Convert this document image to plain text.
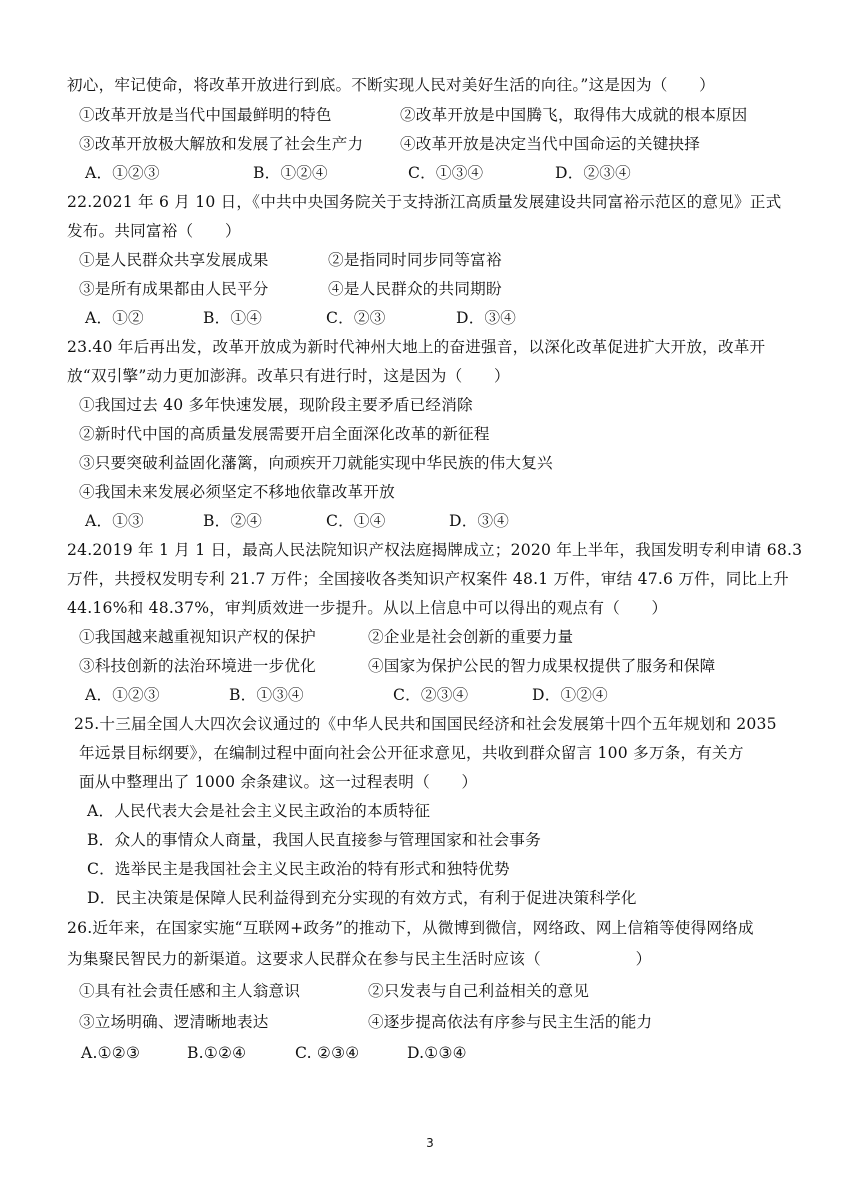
初心，牢记使命，将改革开放进行到底。不断实现人民对美好生活的向往。”这是因为（　　）
①改革开放是当代中国最鲜明的特色	②改革开放是中国腾飞，取得伟大成就的根本原因
③改革开放极大解放和发展了社会生产力 ④改革开放是决定当代中国命运的关键抉择
A．①②③	B．①②④	C．①③④	D．②③④
22.2021 年 6 月 10 日，《中共中央国务院关于支持浙江高质量发展建设共同富裕示范区的意见》正式
发布。共同富裕（　　）
①是人民群众共享发展成果	②是指同时同步同等富裕
③是所有成果都由人民平分	④是人民群众的共同期盼
A．①②	B．①④	C．②③	D．③④
23.40 年后再出发，改革开放成为新时代神州大地上的奋进强音，以深化改革促进扩大开放，改革开
放“双引擎”动力更加澎湃。改革只有进行时，这是因为（　　）
①我国过去 40 多年快速发展，现阶段主要矛盾已经消除
②新时代中国的高质量发展需要开启全面深化改革的新征程
③只要突破利益固化藩篱，向顽疾开刀就能实现中华民族的伟大复兴
④我国未来发展必须坚定不移地依靠改革开放
A．①③	B．②④	C．①④	D．③④
24.2019 年 1 月 1 日，最高人民法院知识产权法庭揭牌成立；2020 年上半年，我国发明专利申请 68.3
万件，共授权发明专利 21.7 万件；全国接收各类知识产权案件 48.1 万件，审结 47.6 万件，同比上升
44.16%和 48.37%，审判质效进一步提升。从以上信息中可以得出的观点有（　　）
①我国越来越重视知识产权的保护	②企业是社会创新的重要力量
③科技创新的法治环境进一步优化	④国家为保护公民的智力成果权提供了服务和保障
A．①②③	B．①③④	C．②③④	D．①②④
25.十三届全国人大四次会议通过的《中华人民共和国国民经济和社会发展第十四个五年规划和 2035
年远景目标纲要》，在编制过程中面向社会公开征求意见，共收到群众留言 100 多万条，有关方
面从中整理出了 1000 余条建议。这一过程表明（　　）
A．人民代表大会是社会主义民主政治的本质特征
B．众人的事情众人商量，我国人民直接参与管理国家和社会事务
C．选举民主是我国社会主义民主政治的特有形式和独特优势
D．民主决策是保障人民利益得到充分实现的有效方式，有利于促进决策科学化
26.近年来，在国家实施“互联网+政务”的推动下，从微博到微信，网络政、网上信箱等使得网络成
为集聚民智民力的新渠道。这要求人民群众在参与民主生活时应该（　　　　　　）
①具有社会责任感和主人翁意识	②只发表与自己利益相关的意见
③立场明确、逻清晰地表达	④逐步提高依法有序参与民主生活的能力
A.①②③	B.①②④	C. ②③④	D.①③④
3
